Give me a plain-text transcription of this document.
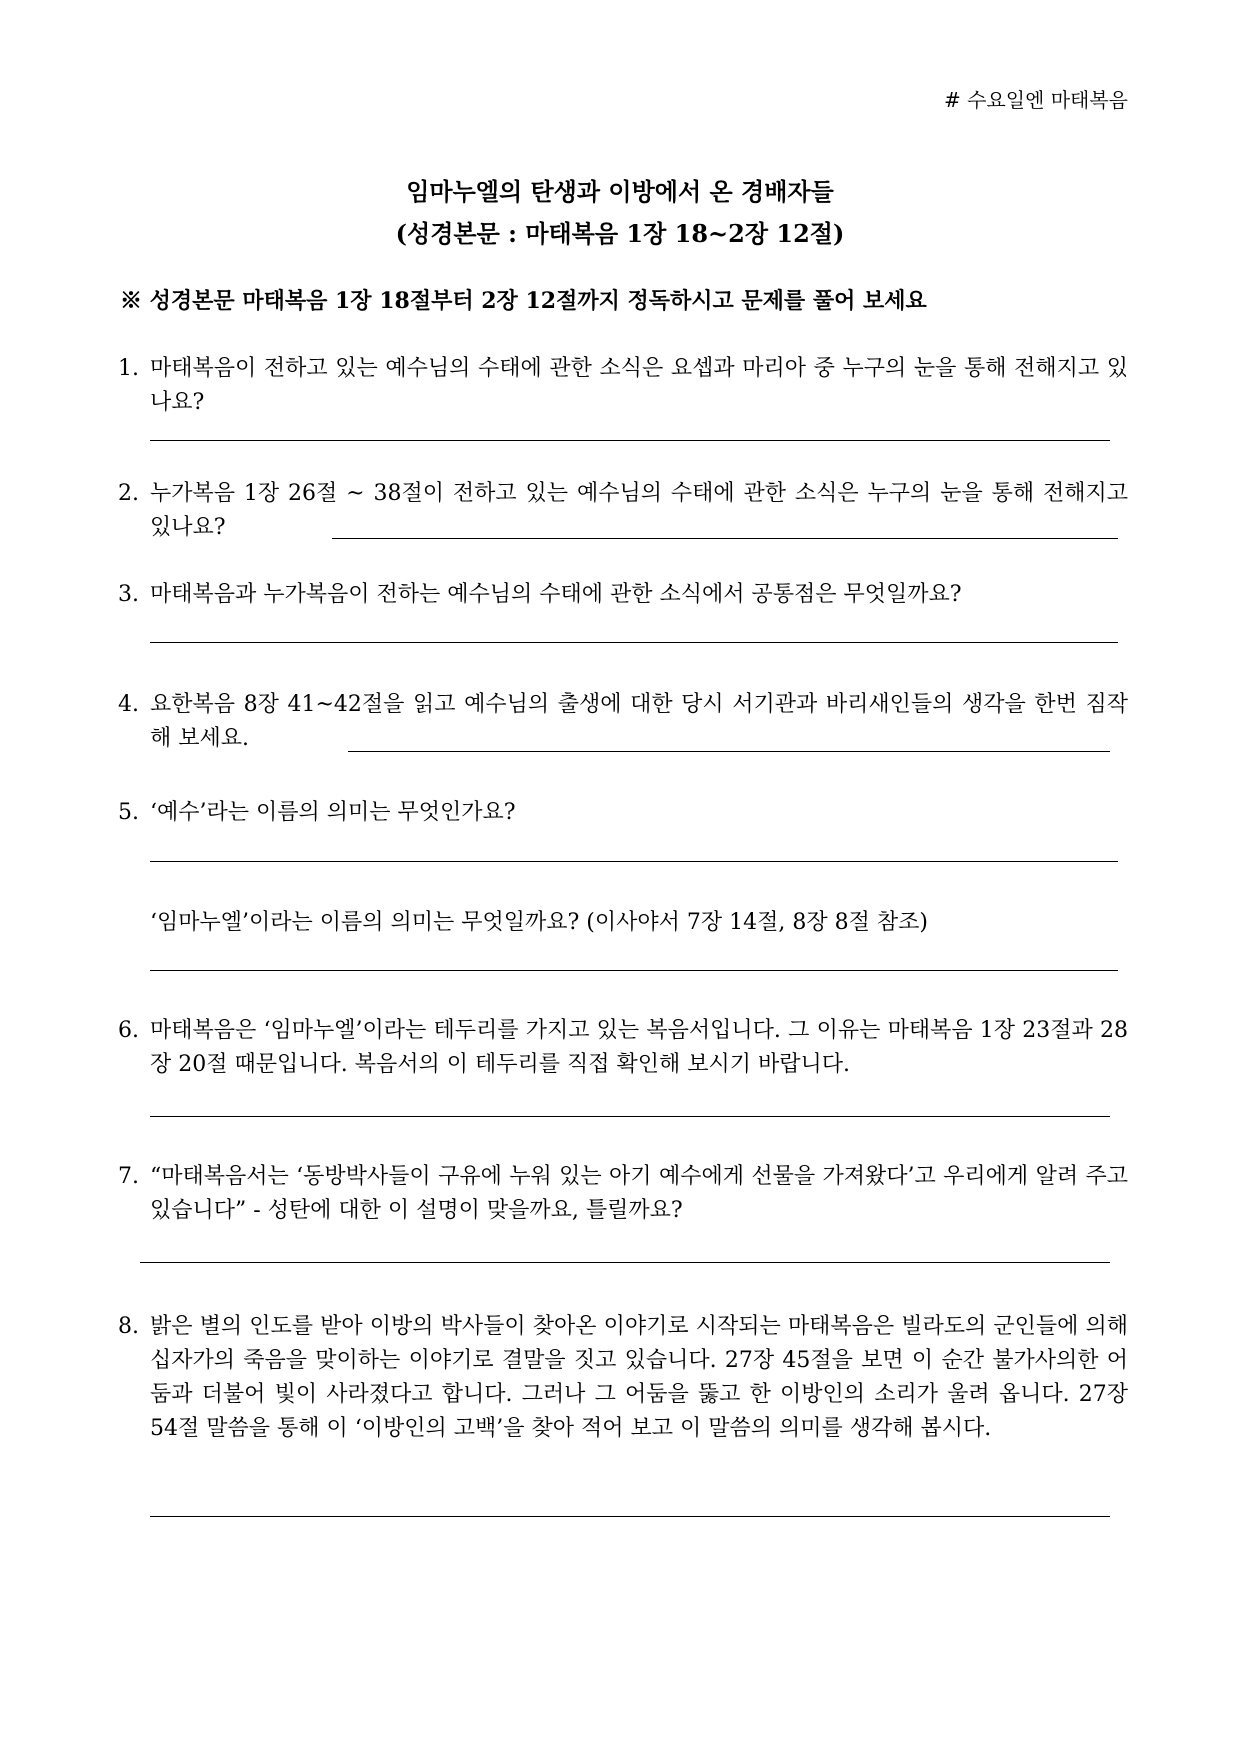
# 수요일엔 마태복음
임마누엘의 탄생과 이방에서 온 경배자들
(성경본문 : 마태복음 1장 18~2장 12절)
※ 성경본문 마태복음 1장 18절부터 2장 12절까지 정독하시고 문제를 풀어 보세요
1. 마태복음이 전하고 있는 예수님의 수태에 관한 소식은 요셉과 마리아 중 누구의 눈을 통해 전해지고 있나요?
2. 누가복음 1장 26절 ~ 38절이 전하고 있는 예수님의 수태에 관한 소식은 누구의 눈을 통해 전해지고 있나요?
3. 마태복음과 누가복음이 전하는 예수님의 수태에 관한 소식에서 공통점은 무엇일까요?
4. 요한복음 8장 41~42절을 읽고 예수님의 출생에 대한 당시 서기관과 바리새인들의 생각을 한번 짐작해 보세요.
5. ‘예수’라는 이름의 의미는 무엇인가요?
‘임마누엘’이라는 이름의 의미는 무엇일까요? (이사야서 7장 14절, 8장 8절 참조)
6. 마태복음은 ‘임마누엘’이라는 테두리를 가지고 있는 복음서입니다. 그 이유는 마태복음 1장 23절과 28장 20절 때문입니다. 복음서의 이 테두리를 직접 확인해 보시기 바랍니다.
7. “마태복음서는 ‘동방박사들이 구유에 누워 있는 아기 예수에게 선물을 가져왔다’고 우리에게 알려 주고 있습니다” - 성탄에 대한 이 설명이 맞을까요, 틀릴까요?
8. 밝은 별의 인도를 받아 이방의 박사들이 찾아온 이야기로 시작되는 마태복음은 빌라도의 군인들에 의해 십자가의 죽음을 맞이하는 이야기로 결말을 짓고 있습니다. 27장 45절을 보면 이 순간 불가사의한 어둠과 더불어 빛이 사라졌다고 합니다. 그러나 그 어둠을 뚫고 한 이방인의 소리가 울려 옵니다. 27장 54절 말씀을 통해 이 ‘이방인의 고백’을 찾아 적어 보고 이 말씀의 의미를 생각해 봅시다.
